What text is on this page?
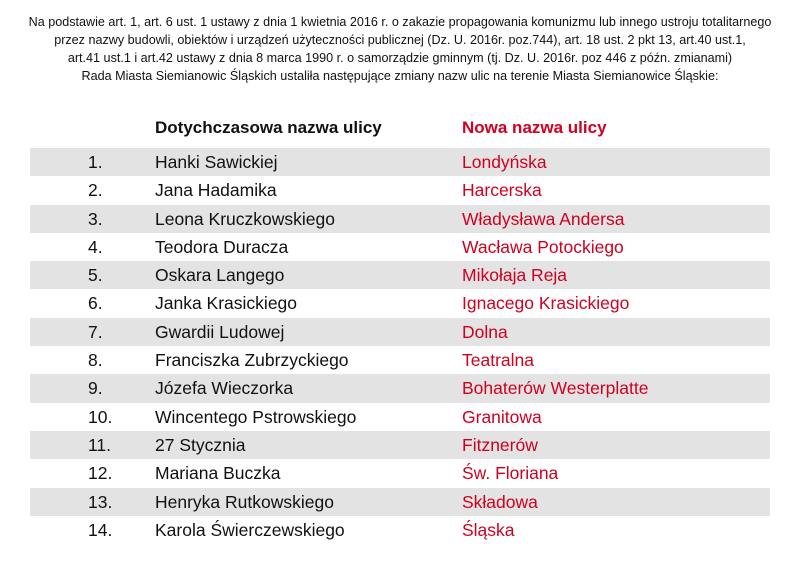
Na podstawie art. 1, art. 6 ust. 1 ustawy z dnia 1 kwietnia 2016 r. o zakazie propagowania komunizmu lub innego ustroju totalitarnego
przez nazwy budowli, obiektów i urządzeń użyteczności publicznej (Dz. U. 2016r. poz.744), art. 18 ust. 2 pkt 13, art.40 ust.1,
art.41 ust.1 i art.42 ustawy z dnia 8 marca 1990 r. o samorządzie gminnym (tj. Dz. U. 2016r. poz 446 z późn. zmianami)
Rada Miasta Siemianowic Śląskich ustaliła następujące zmiany nazw ulic na terenie Miasta Siemianowice Śląskie:
Dotychczasowa nazwa ulicy	Nowa nazwa ulicy
1.	Hanki Sawickiej	Londyńska
2.	Jana Hadamika	Harcerska
3.	Leona Kruczkowskiego	Władysława Andersa
4.	Teodora Duracza	Wacława Potockiego
5.	Oskara Langego	Mikołaja Reja
6.	Janka Krasickiego	Ignacego Krasickiego
7.	Gwardii Ludowej	Dolna
8.	Franciszka Zubrzyckiego	Teatralna
9.	Józefa Wieczorka	Bohaterów Westerplatte
10. Wincentego Pstrowskiego	Granitowa
11.	27 Stycznia	Fitznerów
12. Mariana Buczka	Św. Floriana
13. Henryka Rutkowskiego	Składowa
14. Karola Świerczewskiego	Śląska
